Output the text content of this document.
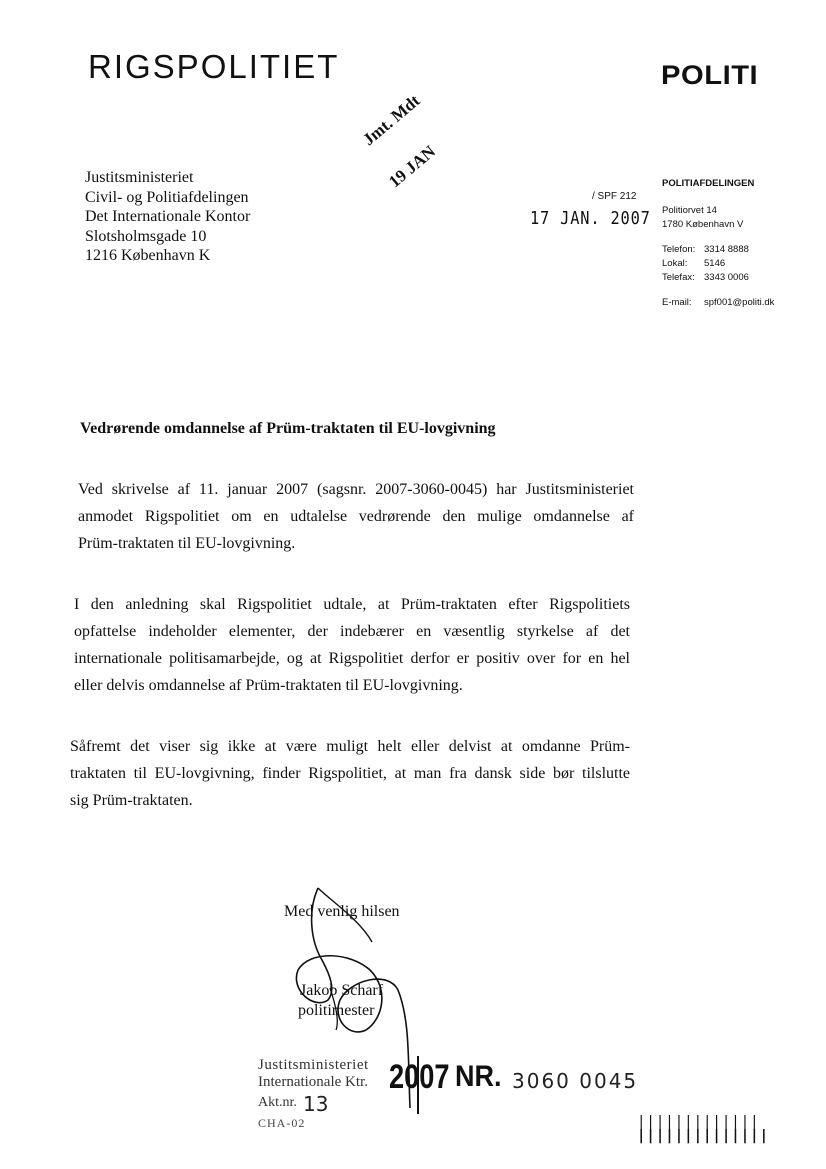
RIGSPOLITIET	POLITI
Jmt. Mdt
19 JAN
Justitsministeriet
Civil- og Politiafdelingen
Det Internationale Kontor
Slotsholmsgade 10
1216 København K
/ SPF 212
17 JAN. 2007
POLITIAFDELINGEN
Politiorvet 14
1780 København V
Telefon: 3314 8888
Lokal:	5146
Telefax: 3343 0006
E-mail:	spf001@politi.dk
Vedrørende omdannelse af Prüm-traktaten til EU-lovgivning
Ved skrivelse af 11. januar 2007 (sagsnr. 2007-3060-0045) har Justitsministeriet
anmodet Rigspolitiet om en udtalelse vedrørende den mulige omdannelse af
Prüm-traktaten til EU-lovgivning.
I den anledning skal Rigspolitiet udtale, at Prüm-traktaten efter Rigspolitiets
opfattelse indeholder elementer, der indebærer en væsentlig styrkelse af det
internationale politisamarbejde, og at Rigspolitiet derfor er positiv over for en hel
eller delvis omdannelse af Prüm-traktaten til EU-lovgivning.
Såfremt det viser sig ikke at være muligt helt eller delvist at omdanne Prüm-
traktaten til EU-lovgivning, finder Rigspolitiet, at man fra dansk side bør tilslutte
sig Prüm-traktaten.
Med venlig hilsen
Jakob Scharf
politimester
Justitsministeriet
Internationale Ktr.
Akt.nr. 13
CHA-02
2007 NR. 3060 0045
|||||||||||||
||||||||||||||
